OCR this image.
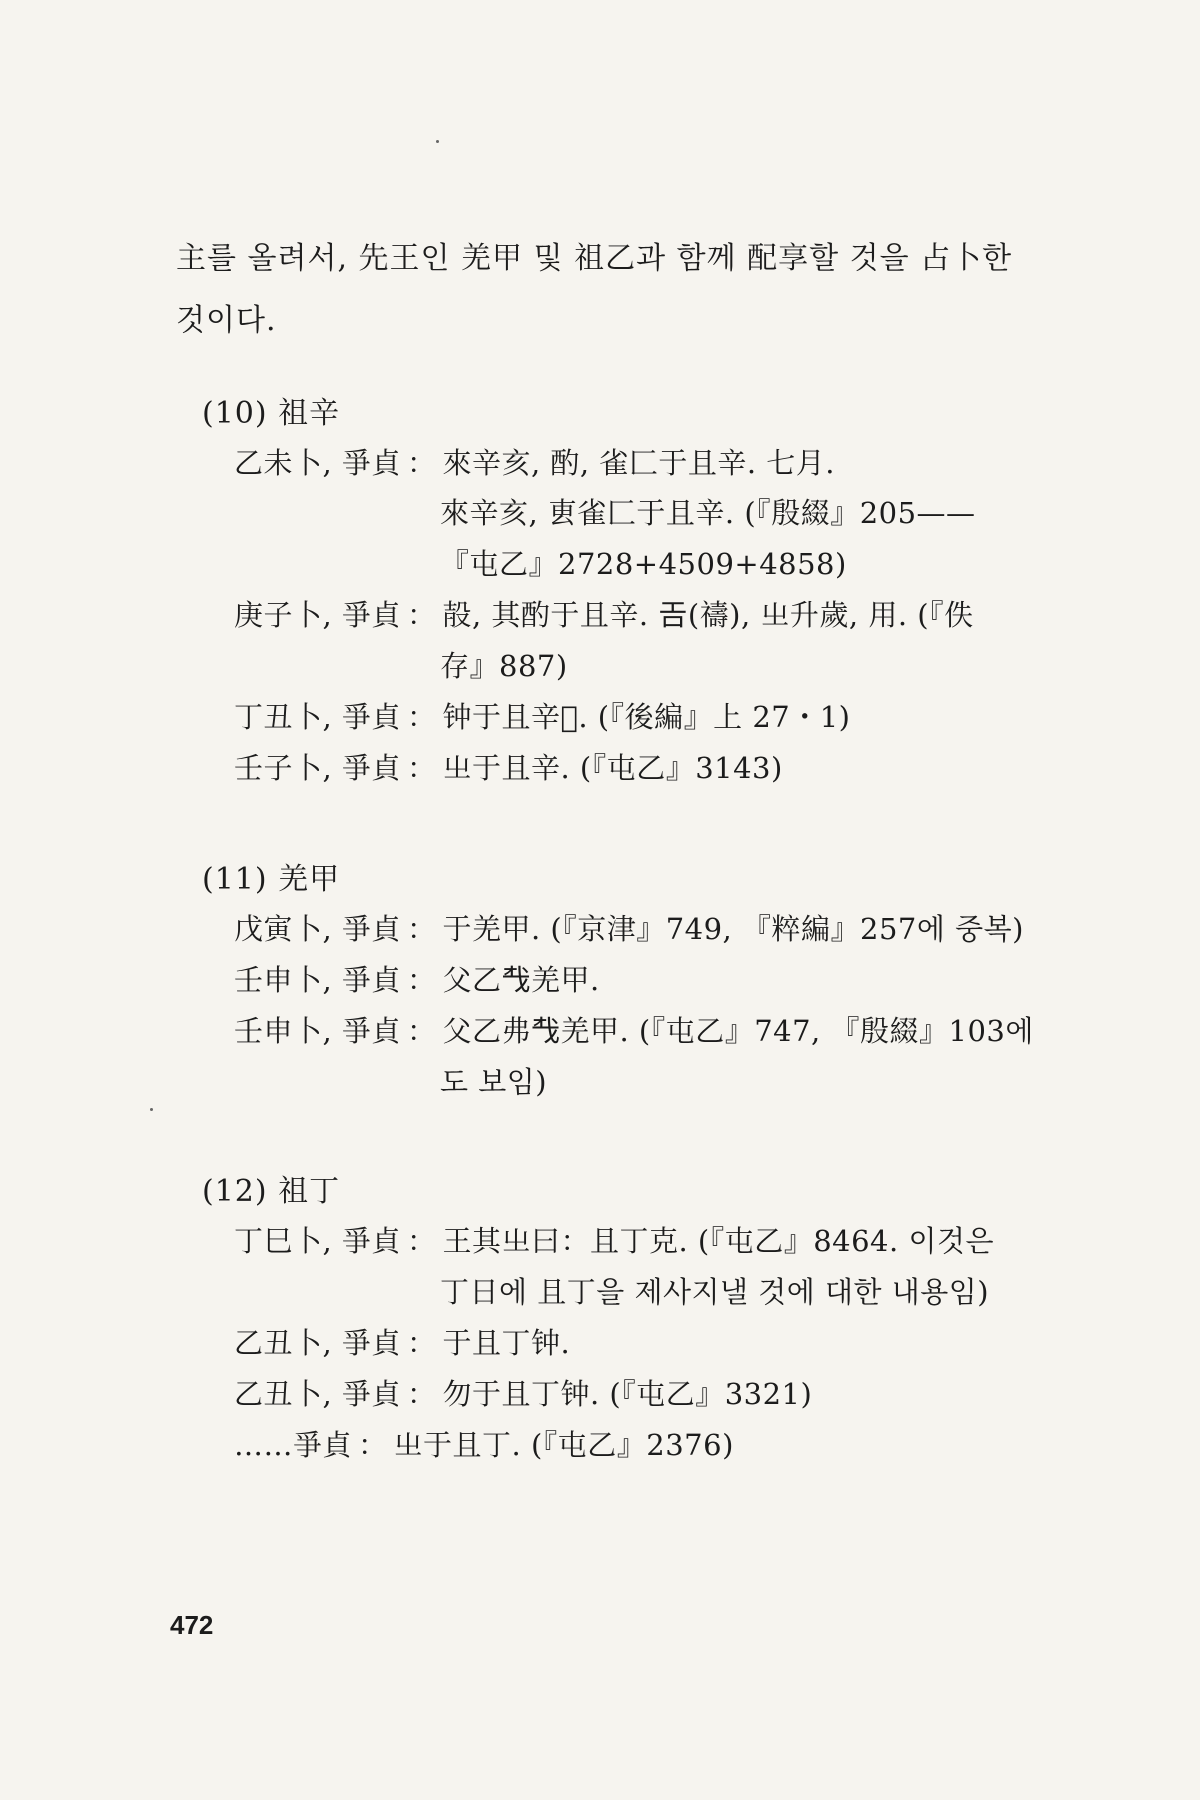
主를 올려서, 先王인 羌甲 및 祖乙과 함께 配享할 것을 占卜한
것이다.
(10) 祖辛
乙未卜, 爭貞 ： 來辛亥, 酌, 雀匚于且辛. 七月.
來辛亥, 叀雀匚于且辛. (『殷綴』205——
『屯乙』2728+4509+4858)
庚子卜, 爭貞 ： 㱿, 其酌于且辛. 𢀛(禱), 㞢升歲, 用. (『佚
存』887)
丁丑卜, 爭貞 ： 钟于且辛𦎫. (『後編』上 27・1)
壬子卜, 爭貞 ： 㞢于且辛. (『屯乙』3143)
(11) 羌甲
戊寅卜, 爭貞 ： 于羌甲. (『京津』749, 『粹編』257에 중복)
壬申卜, 爭貞 ： 父乙𢦔羌甲.
壬申卜, 爭貞 ： 父乙弗𢦔羌甲. (『屯乙』747, 『殷綴』103에
도 보임)
(12) 祖丁
丁巳卜, 爭貞 ： 王其㞢曰：且丁克. (『屯乙』8464. 이것은
丁日에 且丁을 제사지낼 것에 대한 내용임)
乙丑卜, 爭貞 ： 于且丁钟.
乙丑卜, 爭貞 ： 勿于且丁钟. (『屯乙』3321)
……爭貞 ： 㞢于且丁. (『屯乙』2376)
472
